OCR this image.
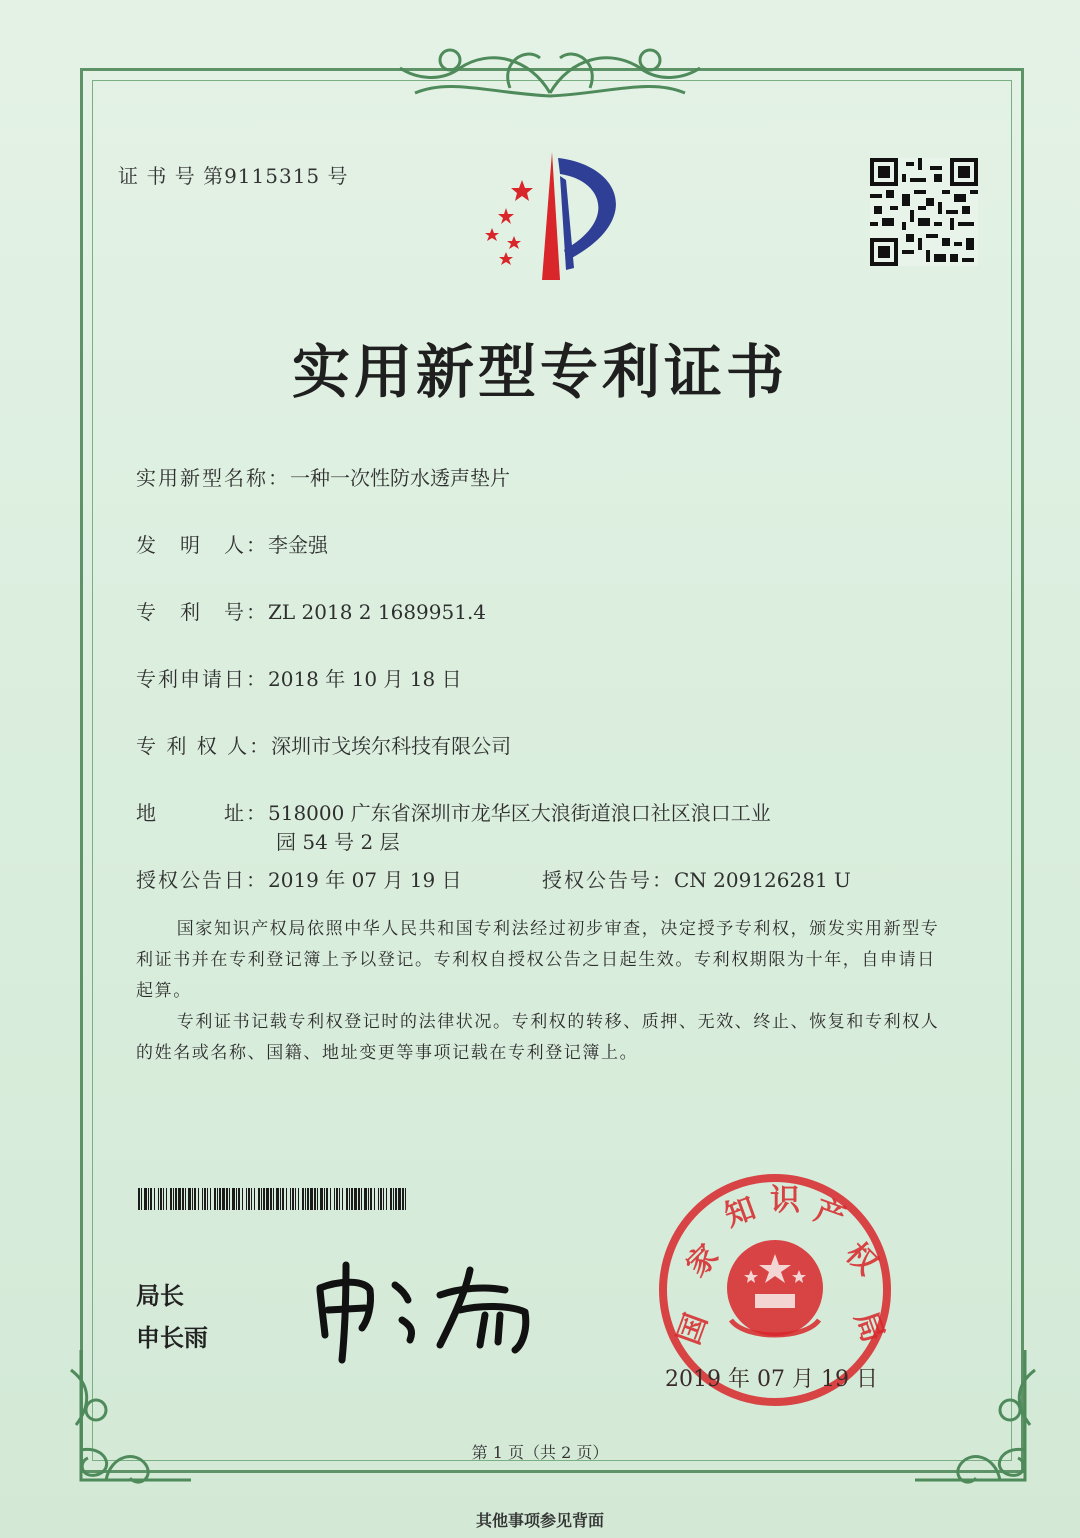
证 书 号 第9115315 号
实用新型专利证书
实用新型名称：一种一次性防水透声垫片
发　明　人：李金强
专　利　号：ZL 2018 2 1689951.4
专利申请日：2018 年 10 月 18 日
专 利 权 人：深圳市戈埃尔科技有限公司
地　　　址：518000 广东省深圳市龙华区大浪街道浪口社区浪口工业
园 54 号 2 层
授权公告日：2019 年 07 月 19 日	授权公告号：CN 209126281 U

国家知识产权局依照中华人民共和国专利法经过初步审查，决定授予专利权，颁发实用新型专利证书并在专利登记簿上予以登记。专利权自授权公告之日起生效。专利权期限为十年，自申请日起算。

专利证书记载专利权登记时的法律状况。专利权的转移、质押、无效、终止、恢复和专利权人的姓名或名称、国籍、地址变更等事项记载在专利登记簿上。

局长
申长雨	国
家
知 识 产
权
局
2019 年 07 月 19 日
第 1 页（共 2 页）
其他事项参见背面
